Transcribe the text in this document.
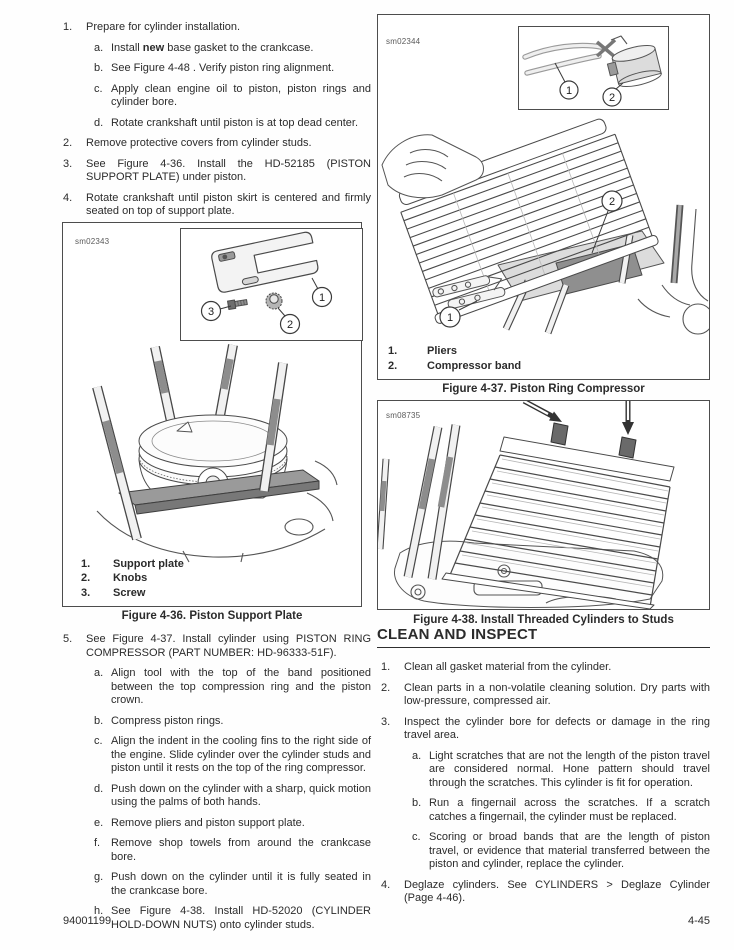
1.	Prepare for cylinder installation.
a. Install new base gasket to the crankcase.
b. See Figure 4-48 . Verify piston ring alignment.
c. Apply clean engine oil to piston, piston rings and cylinder bore.
d. Rotate crankshaft until piston is at top dead center.
2.	Remove protective covers from cylinder studs.
3.	See Figure 4-36. Install the HD-52185 (PISTON SUPPORT PLATE) under piston.
4.	Rotate crankshaft until piston skirt is centered and firmly seated on top of support plate.
sm02343
1
2
3
1.	Support plate
2.	Knobs
3.	Screw
Figure 4-36. Piston Support Plate
5.	See Figure 4-37. Install cylinder using PISTON RING COMPRESSOR (PART NUMBER: HD-96333-51F).
a. Align tool with the top of the band positioned between the top compression ring and the piston crown.
b. Compress piston rings.
c. Align the indent in the cooling fins to the right side of the engine. Slide cylinder over the cylinder studs and piston until it rests on the top of the ring compressor.
d. Push down on the cylinder with a sharp, quick motion using the palms of both hands.
e. Remove pliers and piston support plate.
f. Remove shop towels from around the crankcase bore.
g. Push down on the cylinder until it is fully seated in the crankcase bore.
h. See Figure 4-38. Install HD-52020 (CYLINDER HOLD-DOWN NUTS) onto cylinder studs.
sm02344
1
2
1
2
1.	Pliers
2.	Compressor band
Figure 4-37. Piston Ring Compressor
sm08735
Figure 4-38. Install Threaded Cylinders to Studs
CLEAN AND INSPECT
1.	Clean all gasket material from the cylinder.
2.	Clean parts in a non-volatile cleaning solution. Dry parts with low-pressure, compressed air.
3.	Inspect the cylinder bore for defects or damage in the ring travel area.
a. Light scratches that are not the length of the piston travel are considered normal. Hone pattern should travel through the scratches. This cylinder is fit for operation.
b. Run a fingernail across the scratches. If a scratch catches a fingernail, the cylinder must be replaced.
c. Scoring or broad bands that are the length of piston travel, or evidence that material transferred between the piston and cylinder, replace the cylinder.
4.	Deglaze cylinders. See CYLINDERS > Deglaze Cylinder (Page 4-46).
94001199	4-45
